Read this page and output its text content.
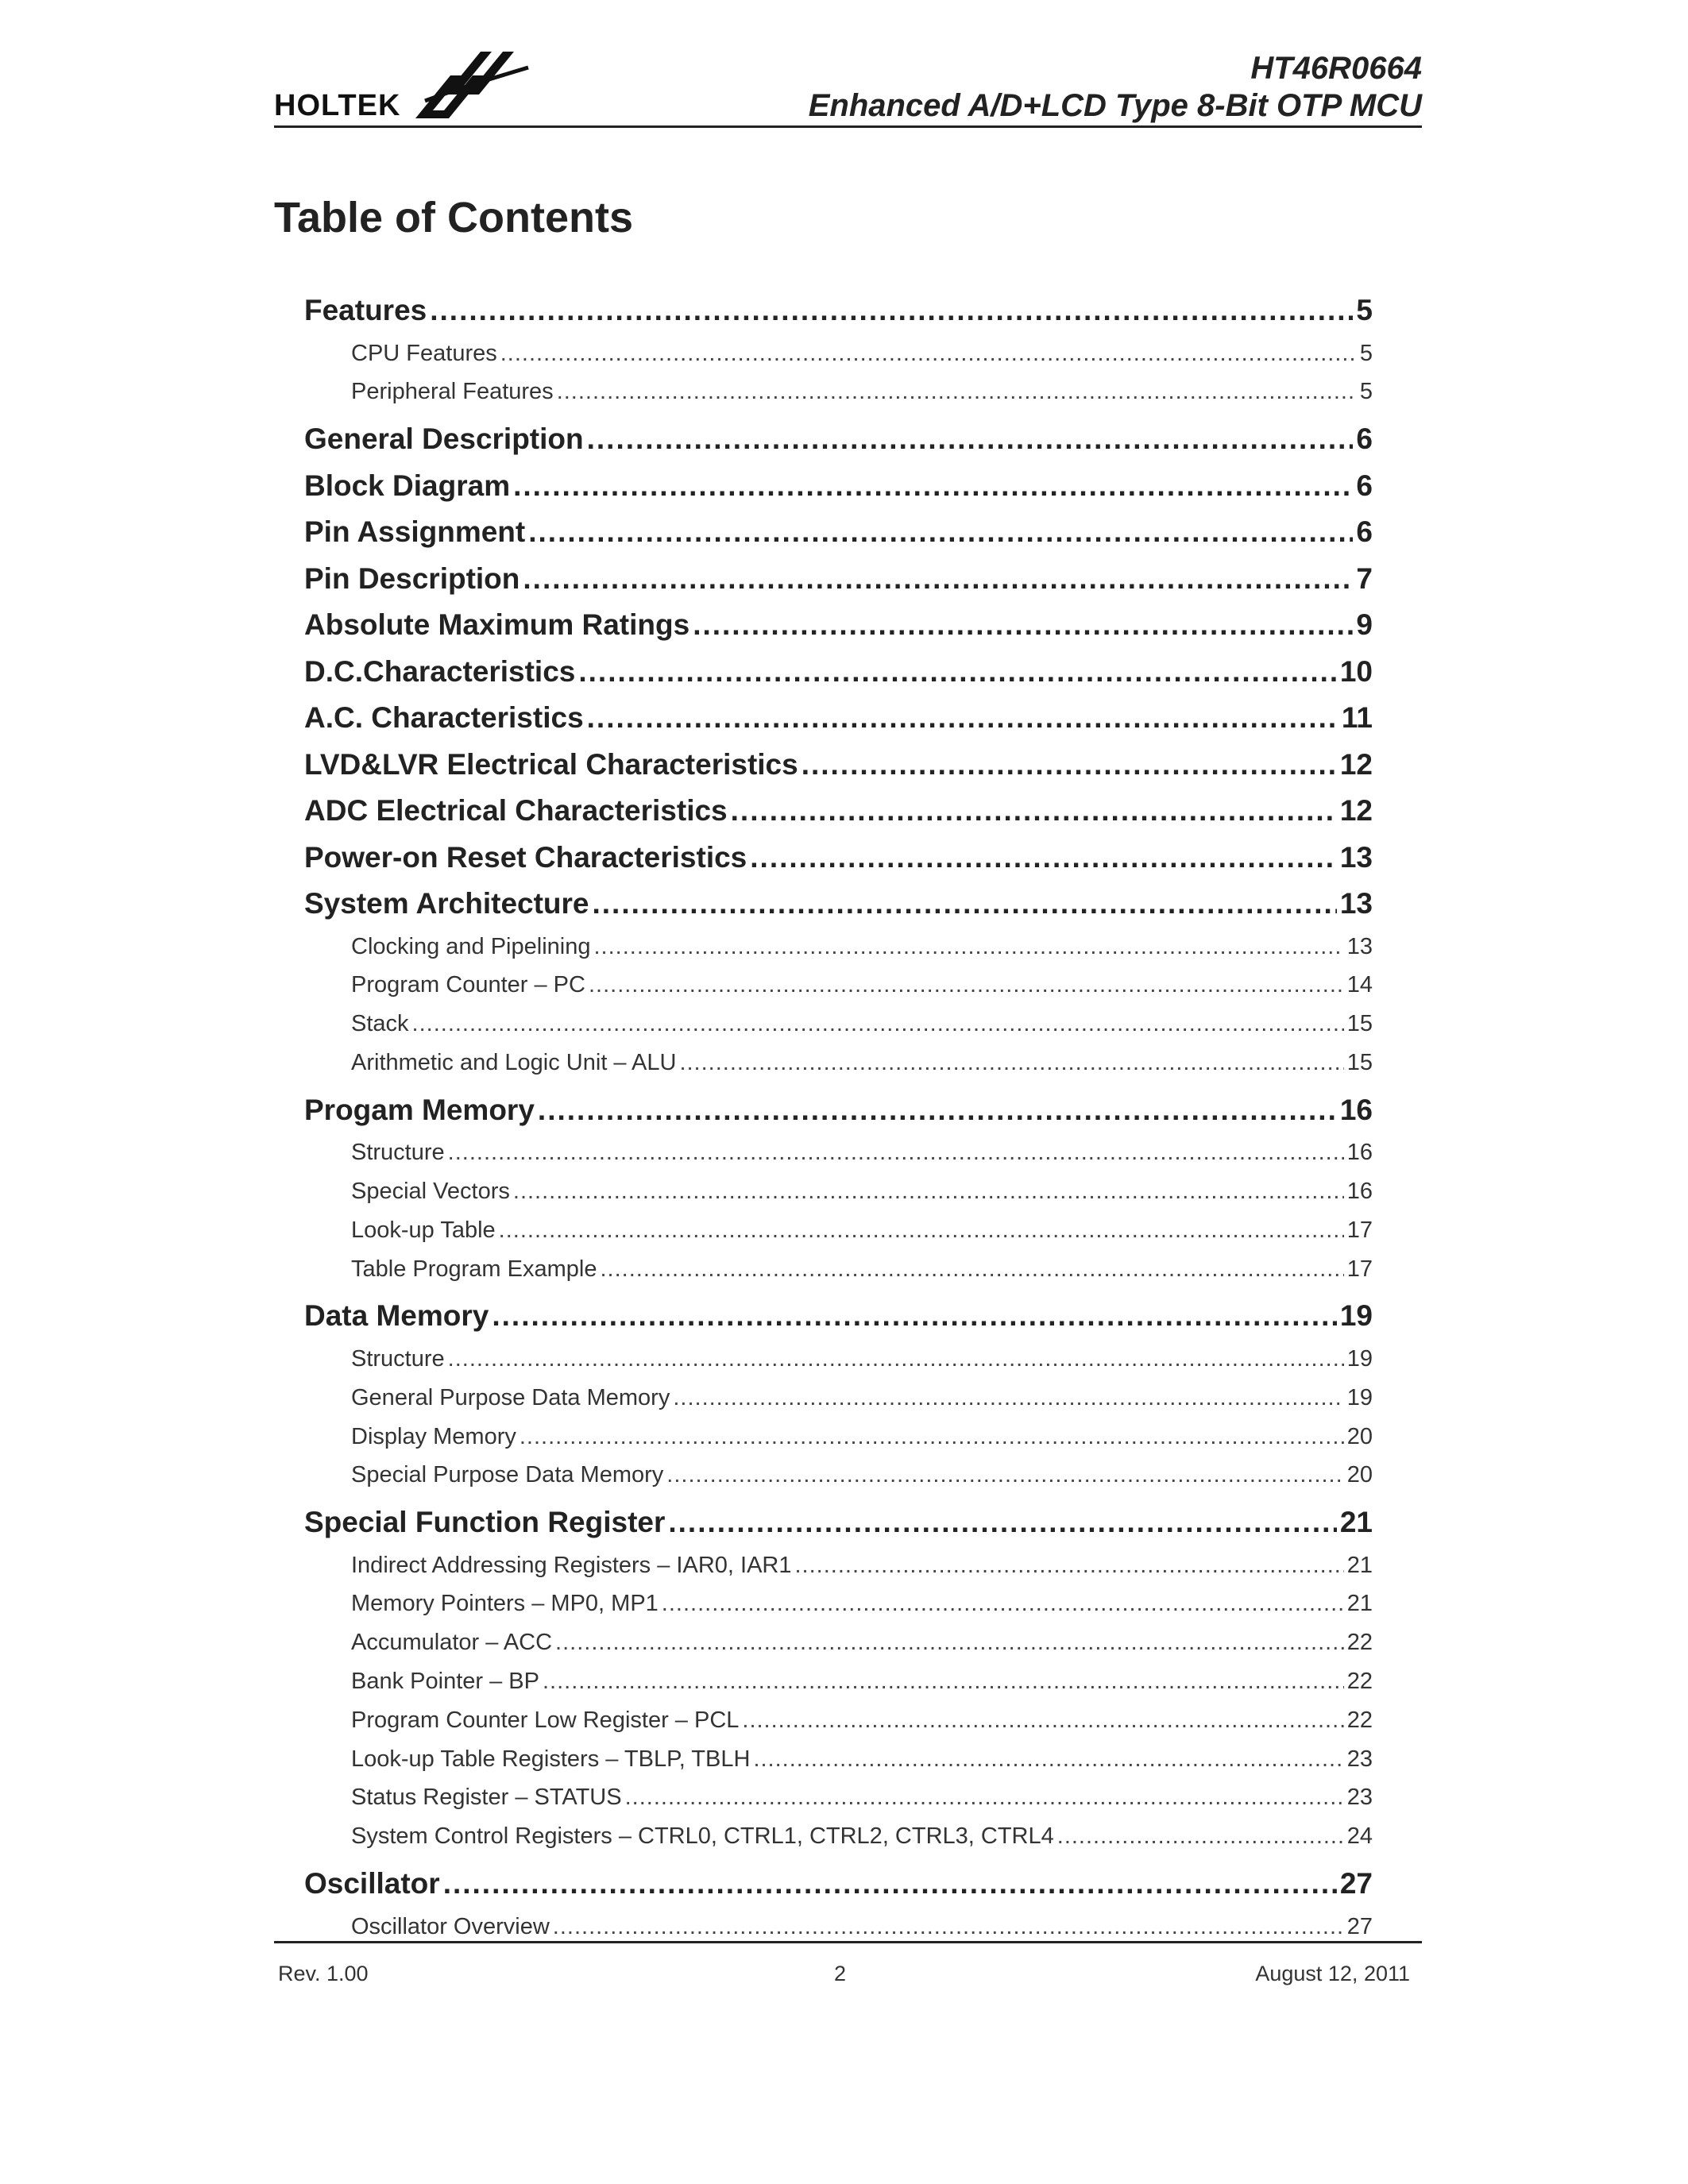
HOLTEK
HT46R0664
Enhanced A/D+LCD Type 8-Bit OTP MCU
Table of Contents
Features .....	5
CPU Features .....	5
Peripheral Features .....	5
General Description .....	6
Block Diagram .....	6
Pin Assignment .....	6
Pin Description .....	7
Absolute Maximum Ratings .....	9
D.C.Characteristics .....	10
A.C. Characteristics .....	11
LVD&LVR Electrical Characteristics .....	12
ADC Electrical Characteristics .....	12
Power-on Reset Characteristics .....	13
System Architecture .....	13
Clocking and Pipelining .....	13
Program Counter – PC .....	14
Stack .....	15
Arithmetic and Logic Unit – ALU .....	15
Progam Memory .....	16
Structure .....	16
Special Vectors .....	16
Look-up Table .....	17
Table Program Example .....	17
Data Memory .....	19
Structure .....	19
General Purpose Data Memory .....	19
Display Memory .....	20
Special Purpose Data Memory .....	20
Special Function Register .....	21
Indirect Addressing Registers – IAR0, IAR1 .....	21
Memory Pointers – MP0, MP1 .....	21
Accumulator – ACC .....	22
Bank Pointer – BP .....	22
Program Counter Low Register – PCL .....	22
Look-up Table Registers – TBLP, TBLH .....	23
Status Register – STATUS .....	23
System Control Registers – CTRL0, CTRL1, CTRL2, CTRL3, CTRL4 .....	24
Oscillator .....	27
Oscillator Overview .....	27
Rev. 1.00	2	August 12, 2011
